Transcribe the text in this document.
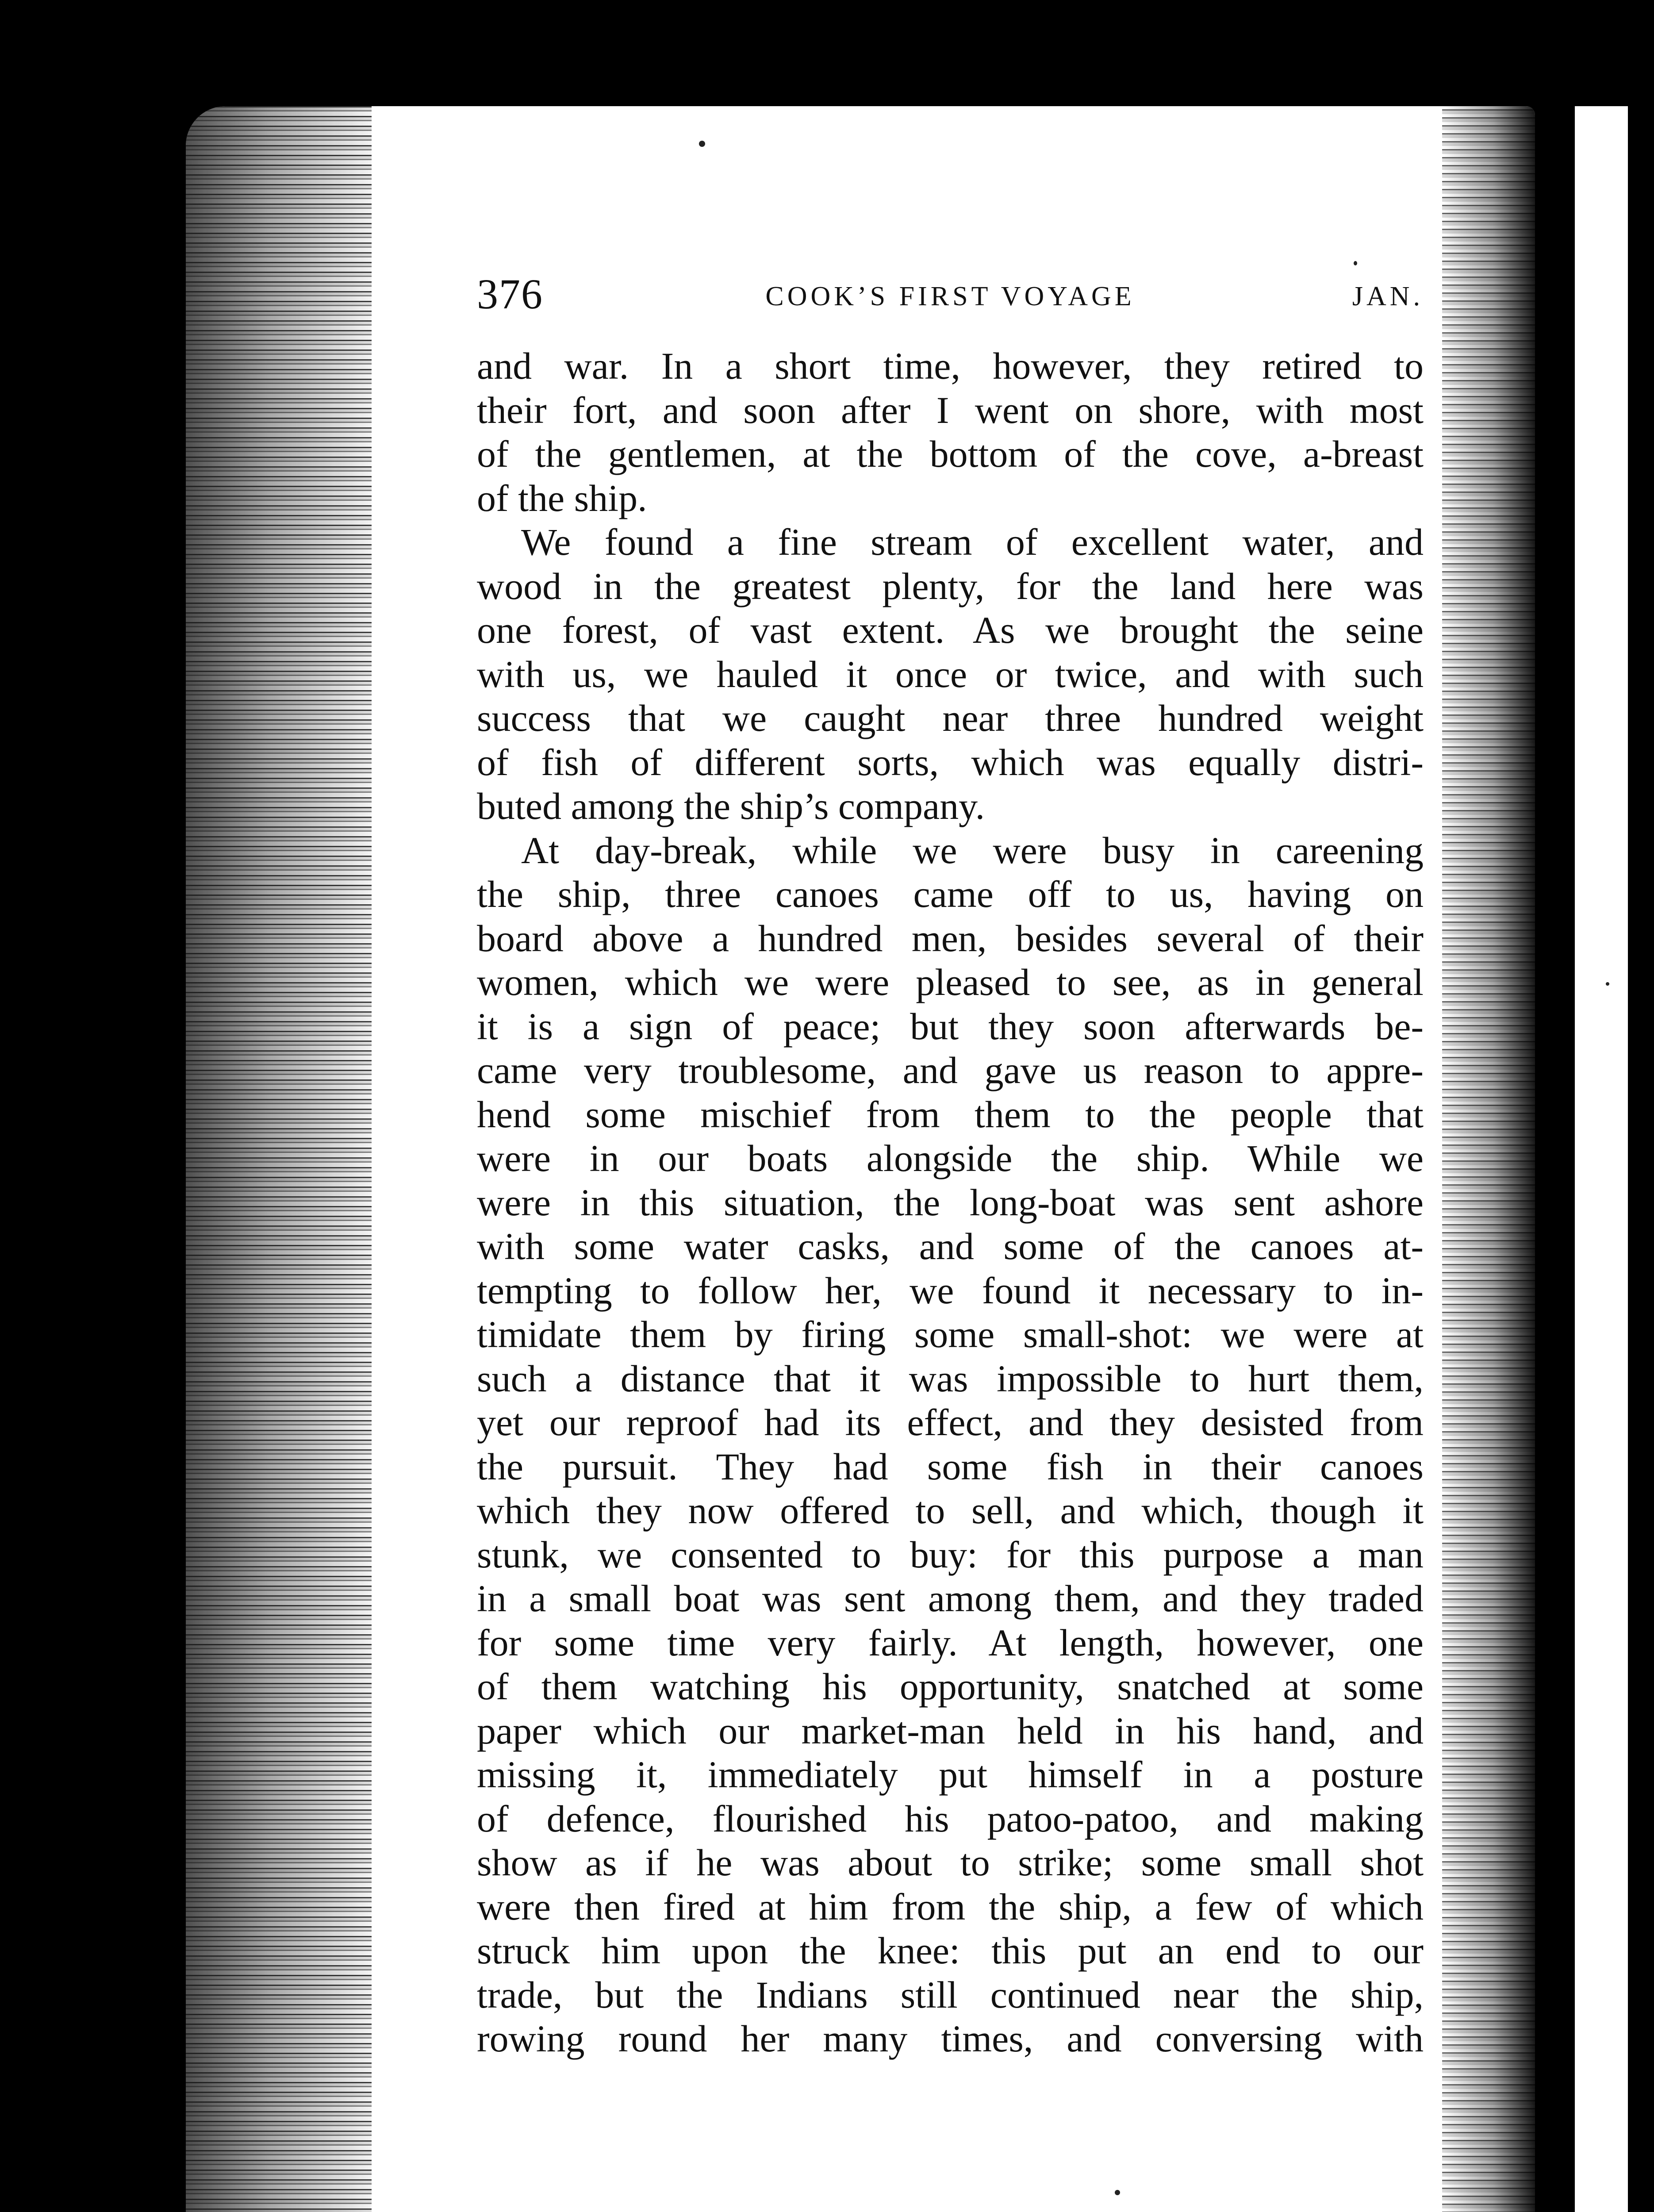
376	COOK’S FIRST VOYAGE	JAN.
and war. In a short time, however, they retired to
their fort, and soon after I went on shore, with most
of the gentlemen, at the bottom of the cove, a-breast
of the ship.
We found a fine stream of excellent water, and
wood in the greatest plenty, for the land here was
one forest, of vast extent. As we brought the seine
with us, we hauled it once or twice, and with such
success that we caught near three hundred weight
of fish of different sorts, which was equally distri-
buted among the ship’s company.
At day-break, while we were busy in careening
the ship, three canoes came off to us, having on
board above a hundred men, besides several of their
women, which we were pleased to see, as in general
it is a sign of peace; but they soon afterwards be-
came very troublesome, and gave us reason to appre-
hend some mischief from them to the people that
were in our boats alongside the ship. While we
were in this situation, the long-boat was sent ashore
with some water casks, and some of the canoes at-
tempting to follow her, we found it necessary to in-
timidate them by firing some small-shot: we were at
such a distance that it was impossible to hurt them,
yet our reproof had its effect, and they desisted from
the pursuit. They had some fish in their canoes
which they now offered to sell, and which, though it
stunk, we consented to buy: for this purpose a man
in a small boat was sent among them, and they traded
for some time very fairly. At length, however, one
of them watching his opportunity, snatched at some
paper which our market-man held in his hand, and
missing it, immediately put himself in a posture
of defence, flourished his patoo-patoo, and making
show as if he was about to strike; some small shot
were then fired at him from the ship, a few of which
struck him upon the knee: this put an end to our
trade, but the Indians still continued near the ship,
rowing round her many times, and conversing with
